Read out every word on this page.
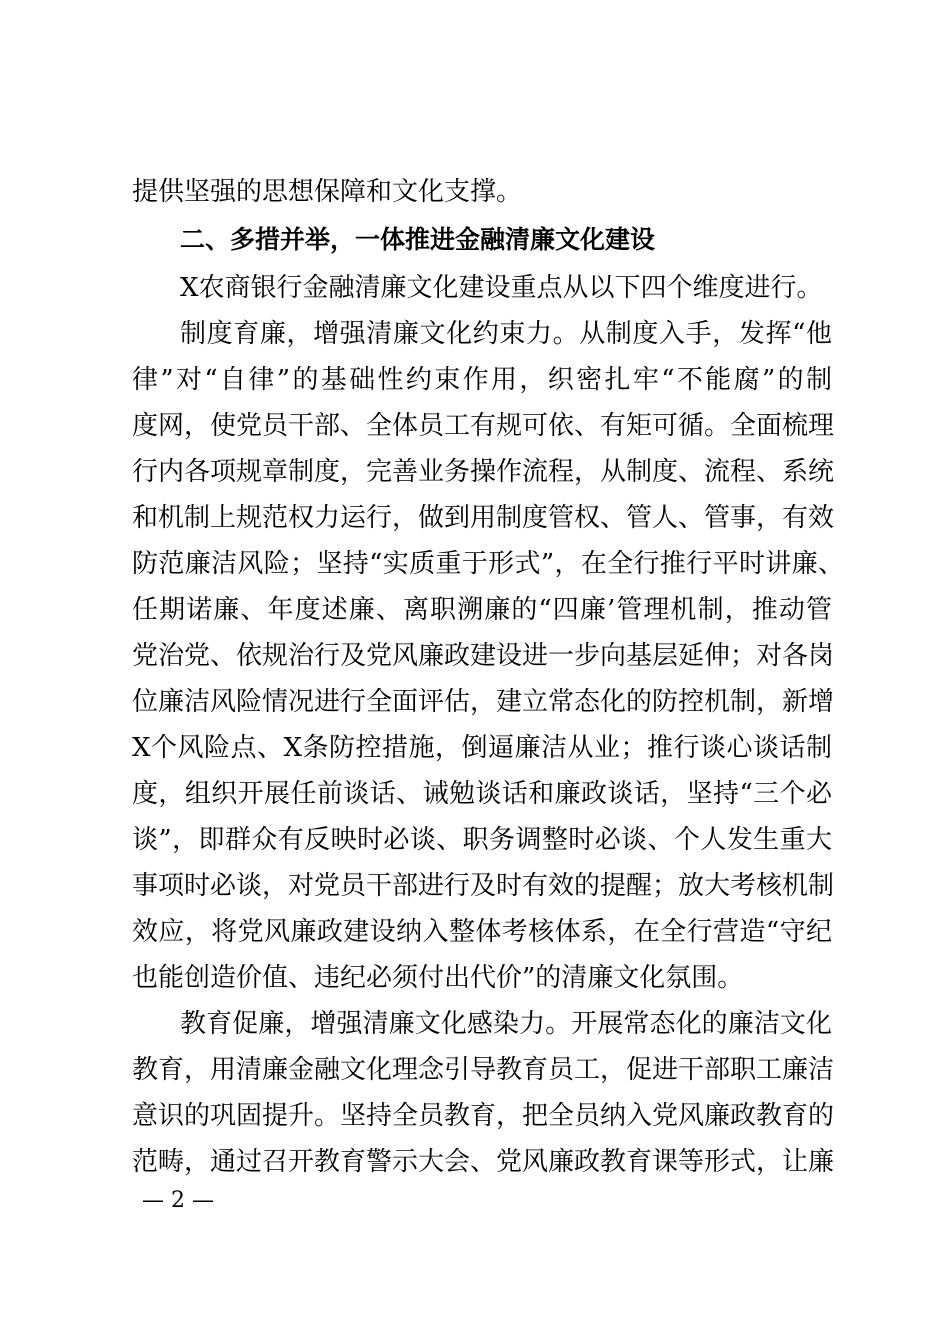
提供坚强的思想保障和文化支撑。
二、多措并举，一体推进金融清廉文化建设
X农商银行金融清廉文化建设重点从以下四个维度进行。
制度育廉，增强清廉文化约束力。从制度入手，发挥“他
律”对“自律”的基础性约束作用，织密扎牢“不能腐”的制
度网，使党员干部、全体员工有规可依、有矩可循。全面梳理
行内各项规章制度，完善业务操作流程，从制度、流程、系统
和机制上规范权力运行，做到用制度管权、管人、管事，有效
防范廉洁风险；坚持“实质重于形式”，在全行推行平时讲廉、
任期诺廉、年度述廉、离职溯廉的“四廉’管理机制，推动管
党治党、依规治行及党风廉政建设进一步向基层延伸；对各岗
位廉洁风险情况进行全面评估，建立常态化的防控机制，新增
X个风险点、X条防控措施，倒逼廉洁从业；推行谈心谈话制
度，组织开展任前谈话、诫勉谈话和廉政谈话，坚持“三个必
谈”，即群众有反映时必谈、职务调整时必谈、个人发生重大
事项时必谈，对党员干部进行及时有效的提醒；放大考核机制
效应，将党风廉政建设纳入整体考核体系，在全行营造“守纪
也能创造价值、违纪必须付出代价”的清廉文化氛围。
教育促廉，增强清廉文化感染力。开展常态化的廉洁文化
教育，用清廉金融文化理念引导教育员工，促进干部职工廉洁
意识的巩固提升。坚持全员教育，把全员纳入党风廉政教育的
范畴，通过召开教育警示大会、党风廉政教育课等形式，让廉
— 2 —
